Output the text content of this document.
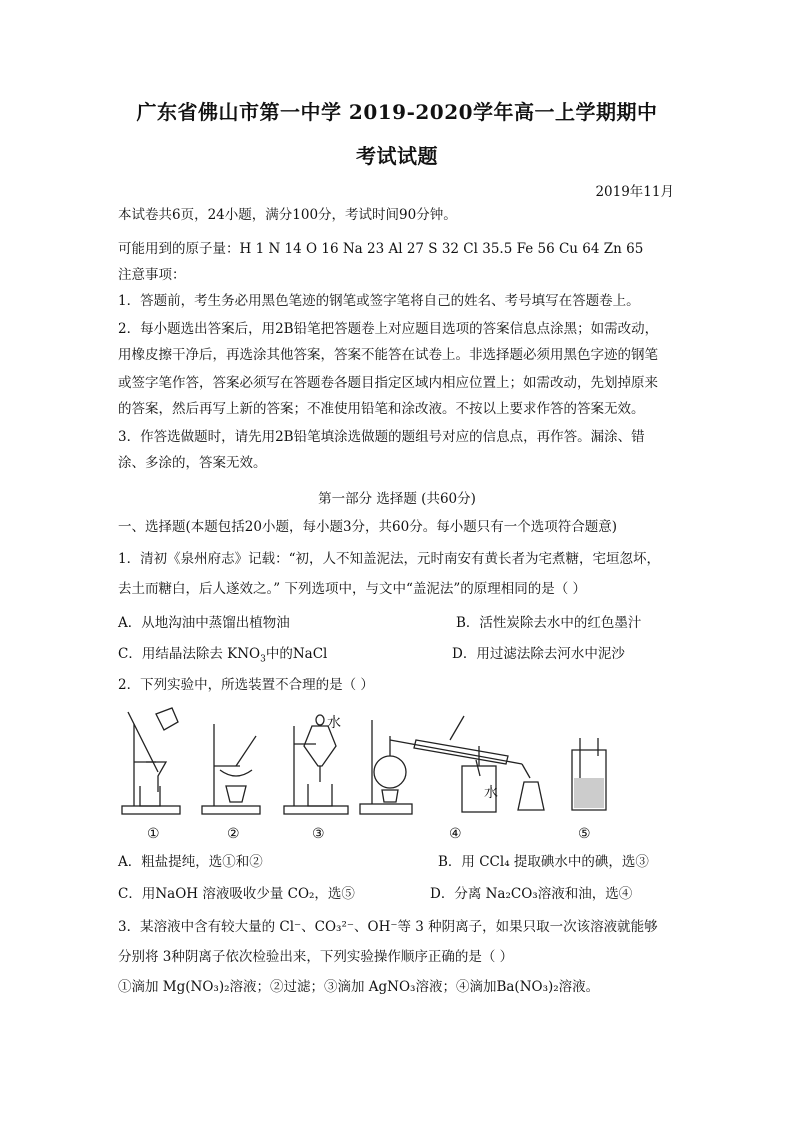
广东省佛山市第一中学 2019-2020学年高一上学期期中
考试试题
2019年11月
本试卷共6页，24小题，满分100分，考试时间90分钟。
可能用到的原子量：H 1 N 14 O 16 Na 23 Al 27 S 32 Cl 35.5 Fe 56 Cu 64 Zn 65
注意事项：
1．答题前，考生务必用黑色笔迹的钢笔或签字笔将自己的姓名、考号填写在答题卷上。
2．每小题选出答案后，用2B铅笔把答题卷上对应题目选项的答案信息点涂黑；如需改动，
用橡皮擦干净后，再选涂其他答案，答案不能答在试卷上。非选择题必须用黑色字迹的钢笔
或签字笔作答，答案必须写在答题卷各题目指定区域内相应位置上；如需改动，先划掉原来
的答案，然后再写上新的答案；不准使用铅笔和涂改液。不按以上要求作答的答案无效。
3．作答选做题时，请先用2B铅笔填涂选做题的题组号对应的信息点，再作答。漏涂、错
涂、多涂的，答案无效。
第一部分 选择题 (共60分)
一、选择题(本题包括20小题，每小题3分，共60分。每小题只有一个选项符合题意)
1．清初《泉州府志》记载：“初，人不知盖泥法，元时南安有黄长者为宅煮糖，宅垣忽坏，
去土而糖白，后人遂效之。” 下列选项中，与文中“盖泥法”的原理相同的是（ ）
A．从地沟油中蒸馏出植物油	B．活性炭除去水中的红色墨汁
C．用结晶法除去 $KNO_3$中的NaCl	D．用过滤法除去河水中泥沙
2．下列实验中，所选装置不合理的是（ ）
水
水
①	②	③	④	⑤
A．粗盐提纯，选①和②	B．用 CCl₄ 提取碘水中的碘，选③
C．用NaOH 溶液吸收少量 CO₂，选⑤	D．分离 Na₂CO₃溶液和油，选④
3．某溶液中含有较大量的 Cl⁻、CO₃²⁻、OH⁻等 3 种阴离子，如果只取一次该溶液就能够
分别将 3种阴离子依次检验出来，下列实验操作顺序正确的是（ ）
①滴加 Mg(NO₃)₂溶液；②过滤；③滴加 AgNO₃溶液；④滴加Ba(NO₃)₂溶液。
